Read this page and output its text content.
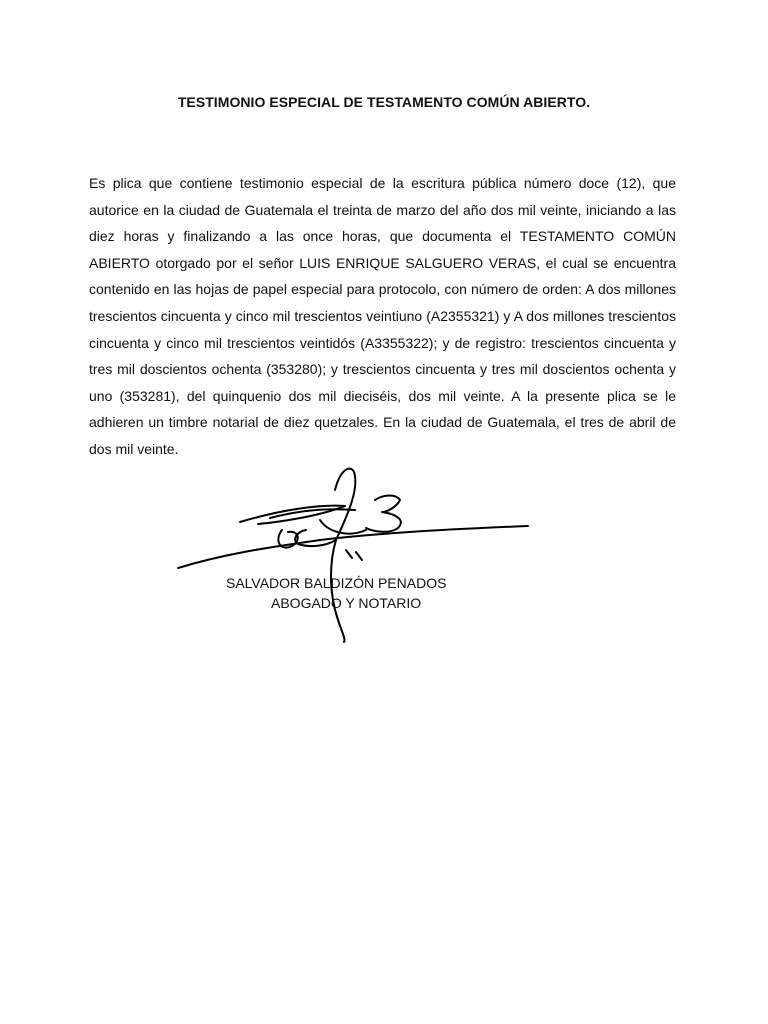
TESTIMONIO ESPECIAL DE TESTAMENTO COMÚN ABIERTO.

Es plica que contiene testimonio especial de la escritura pública número doce (12), que autorice en la ciudad de Guatemala el treinta de marzo del año dos mil veinte, iniciando a las diez horas y finalizando a las once horas, que documenta el TESTAMENTO COMÚN ABIERTO otorgado por el señor LUIS ENRIQUE SALGUERO VERAS, el cual se encuentra contenido en las hojas de papel especial para protocolo, con número de orden: A dos millones trescientos cincuenta y cinco mil trescientos veintiuno (A2355321) y A dos millones trescientos cincuenta y cinco mil trescientos veintidós (A3355322); y de registro: trescientos cincuenta y tres mil doscientos ochenta (353280); y trescientos cincuenta y tres mil doscientos ochenta y uno (353281), del quinquenio dos mil dieciséis, dos mil veinte. A la presente plica se le adhieren un timbre notarial de diez quetzales. En la ciudad de Guatemala, el tres de abril de dos mil veinte.

SALVADOR BALDIZÓN PENADOS
ABOGADO Y NOTARIO
